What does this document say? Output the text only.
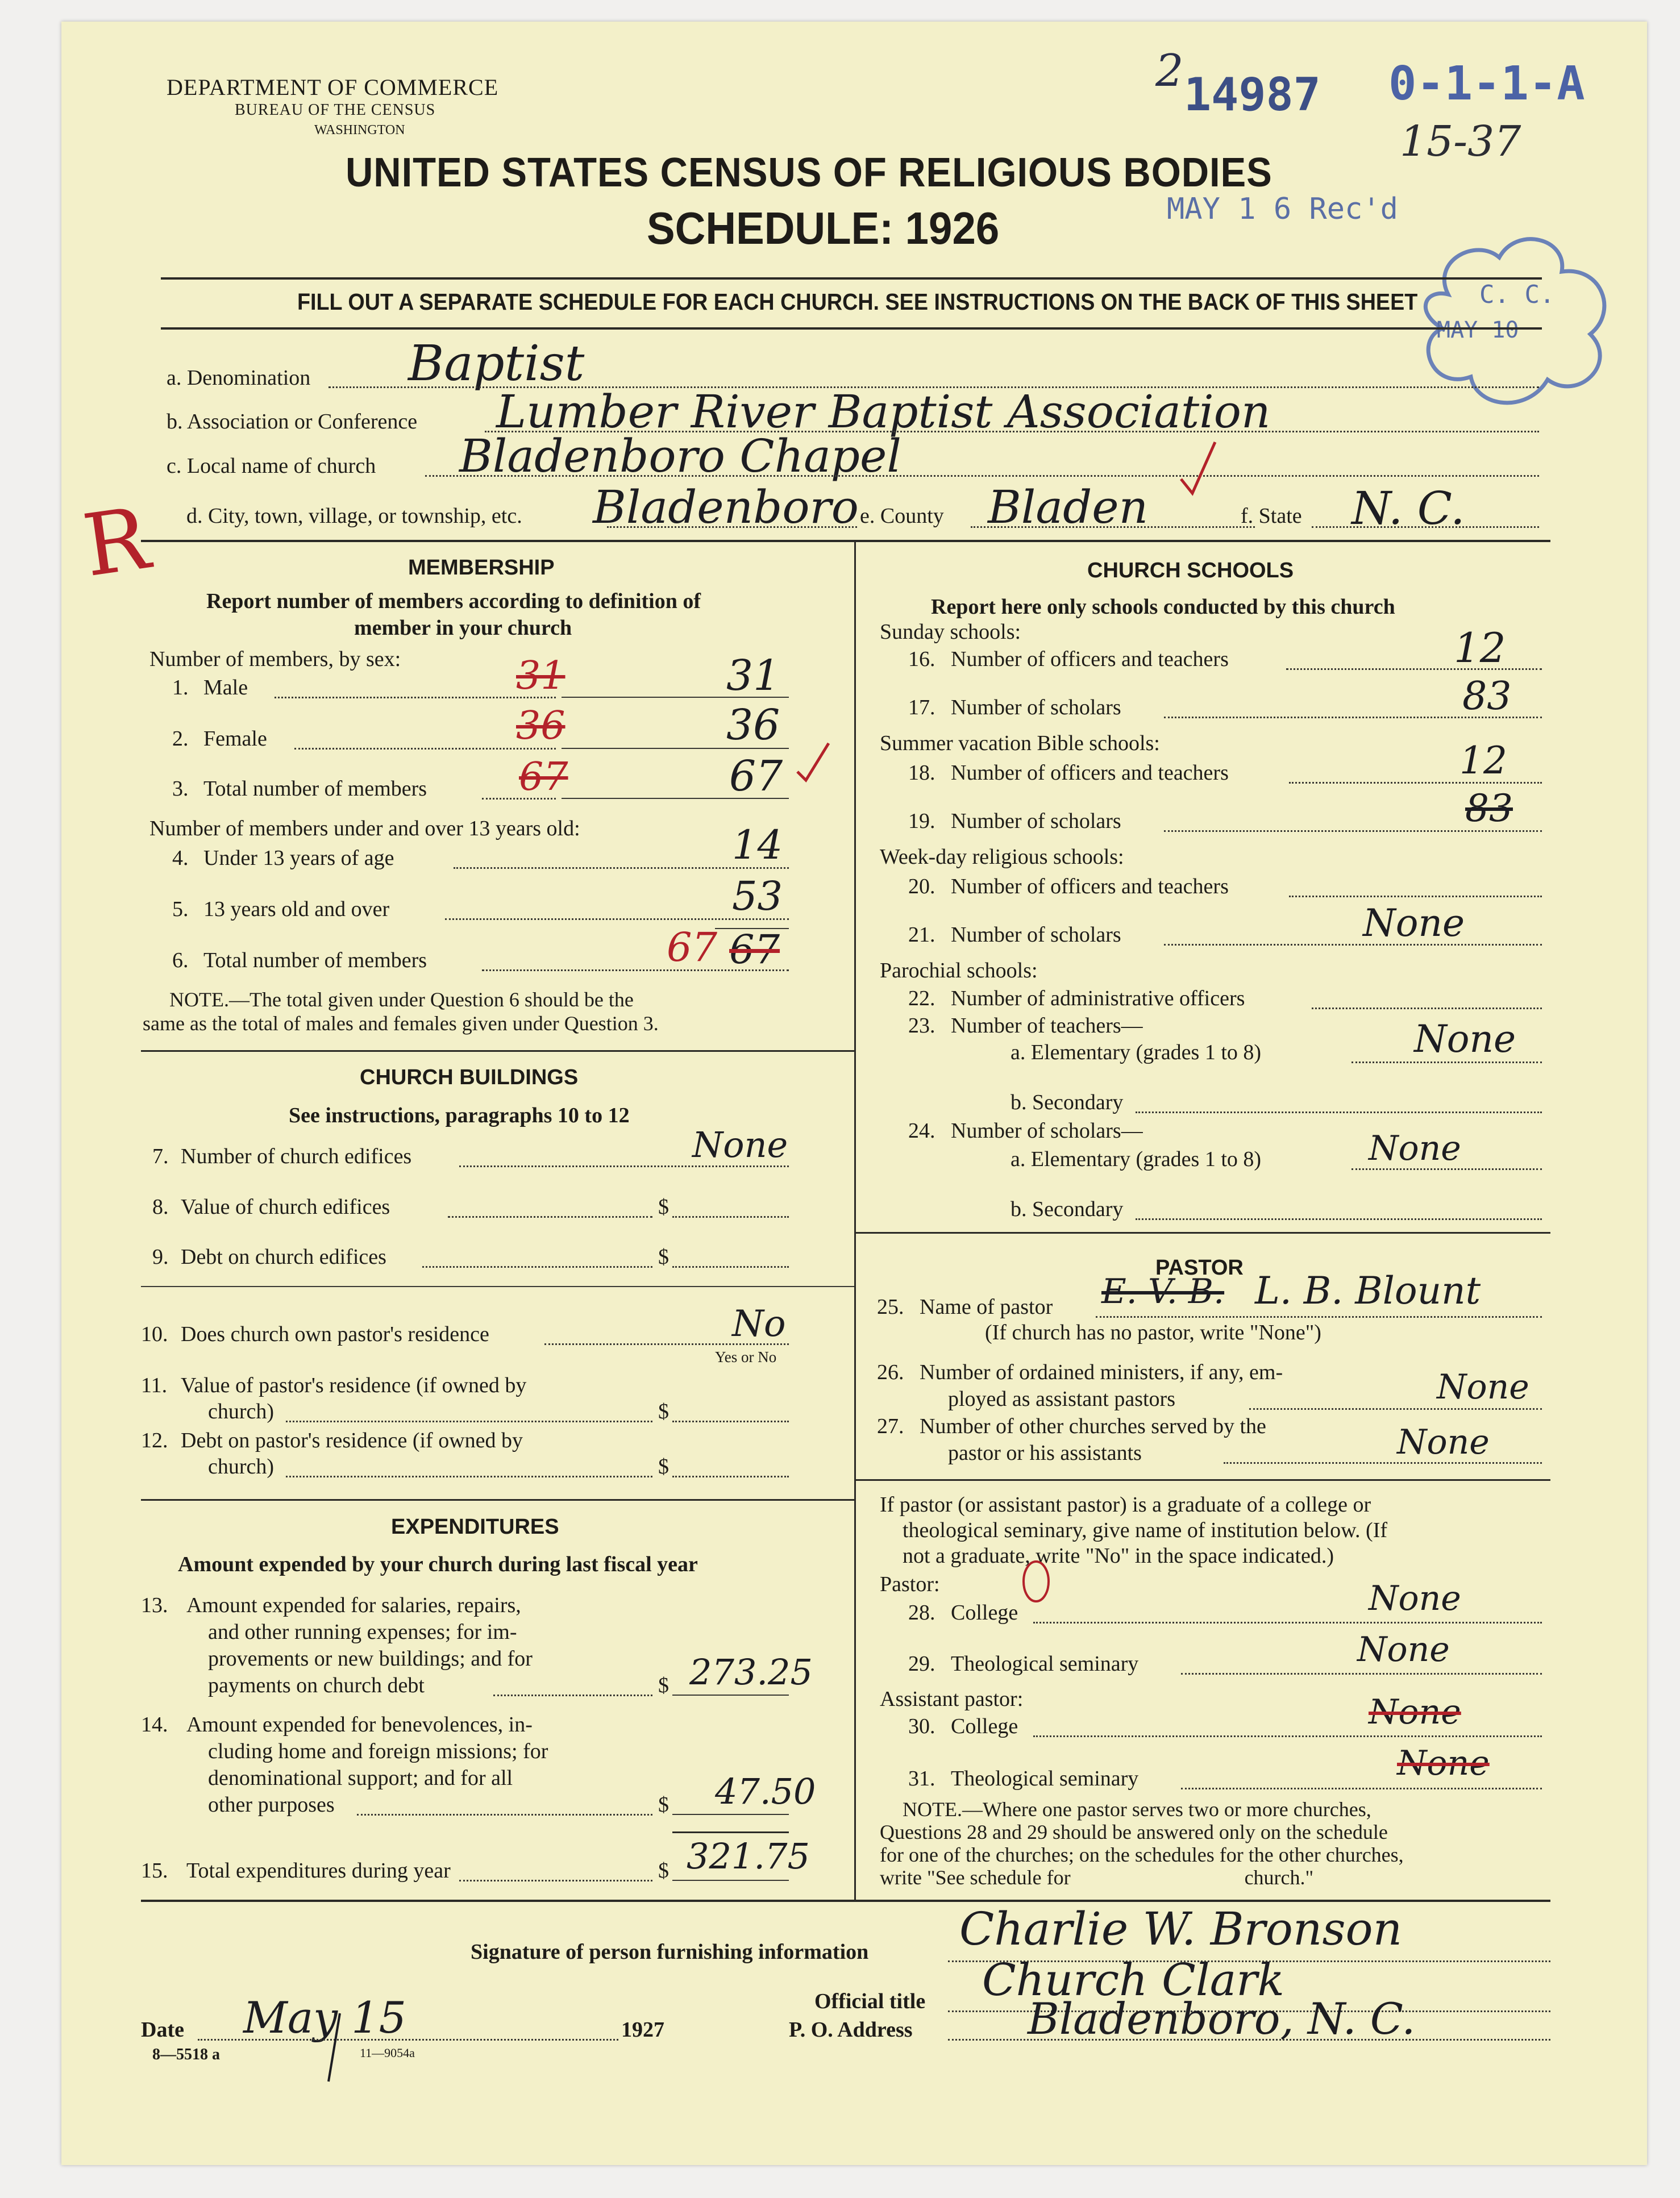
DEPARTMENT OF COMMERCE
BUREAU OF THE CENSUS
WASHINGTON
UNITED STATES CENSUS OF RELIGIOUS BODIES
SCHEDULE: 1926
2 14987 0-1-1-A
15-37
MAY 1 6 Rec'd
C. C.
MAY 10
FILL OUT A SEPARATE SCHEDULE FOR EACH CHURCH. SEE INSTRUCTIONS ON THE BACK OF THIS SHEET
a. Denomination Baptist
b. Association or Conference Lumber River Baptist Association
c. Local name of church Bladenboro Chapel
R d. City, town, village, or township, etc. Bladenboro e. County Bladen	f. State N. C.
MEMBERSHIP
Report number of members according to definition of
member in your church
Number of members, by sex:
1. Male	31	31
2. Female	36	36
3. Total number of members 67	67
Number of members under and over 13 years old:
4. Under 13 years of age	14
5. 13 years old and over	53
6. Total number of members	67 67
NOTE.—The total given under Question 6 should be the
same as the total of males and females given under Question 3.
CHURCH BUILDINGS
See instructions, paragraphs 10 to 12
7. Number of church edifices	None
8. Value of church edifices	$
9. Debt on church edifices	$
10. Does church own pastor's residence	No
Yes or No
11. Value of pastor's residence (if owned by
church)	$
12. Debt on pastor's residence (if owned by
church)	$
EXPENDITURES
Amount expended by your church during last fiscal year
13. Amount expended for salaries, repairs,
and other running expenses; for im-
provements or new buildings; and for
payments on church debt	$ 273.25
14. Amount expended for benevolences, in-
cluding home and foreign missions; for
denominational support; and for all
other purposes	$ 47.50
15. Total expenditures during year	$ 321.75
CHURCH SCHOOLS
Report here only schools conducted by this church
Sunday schools:
16. Number of officers and teachers	12
17. Number of scholars	83
Summer vacation Bible schools:
18. Number of officers and teachers	12
19. Number of scholars	83
Week-day religious schools:
20. Number of officers and teachers
21. Number of scholars	None
Parochial schools:
22. Number of administrative officers
23. Number of teachers—
a. Elementary (grades 1 to 8)	None
b. Secondary
24. Number of scholars—
a. Elementary (grades 1 to 8)	None
b. Secondary
PASTOR
25. Name of pastor E. V. B. L. B. Blount
(If church has no pastor, write "None")
26. Number of ordained ministers, if any, em-
ployed as assistant pastors	None
27. Number of other churches served by the
pastor or his assistants	None
If pastor (or assistant pastor) is a graduate of a college or
theological seminary, give name of institution below. (If
not a graduate, write "No" in the space indicated.)
Pastor:
28. College	None
29. Theological seminary	None
Assistant pastor:
30. College	None
31. Theological seminary	None
NOTE.—Where one pastor serves two or more churches,
Questions 28 and 29 should be answered only on the schedule
for one of the churches; on the schedules for the other churches,
write "See schedule for                                  church."
Signature of person furnishing information Charlie W. Bronson
Official title Church Clark
Date May 15	1927	P. O. Address	Bladenboro, N. C.
8—5518 a	11—9054a
